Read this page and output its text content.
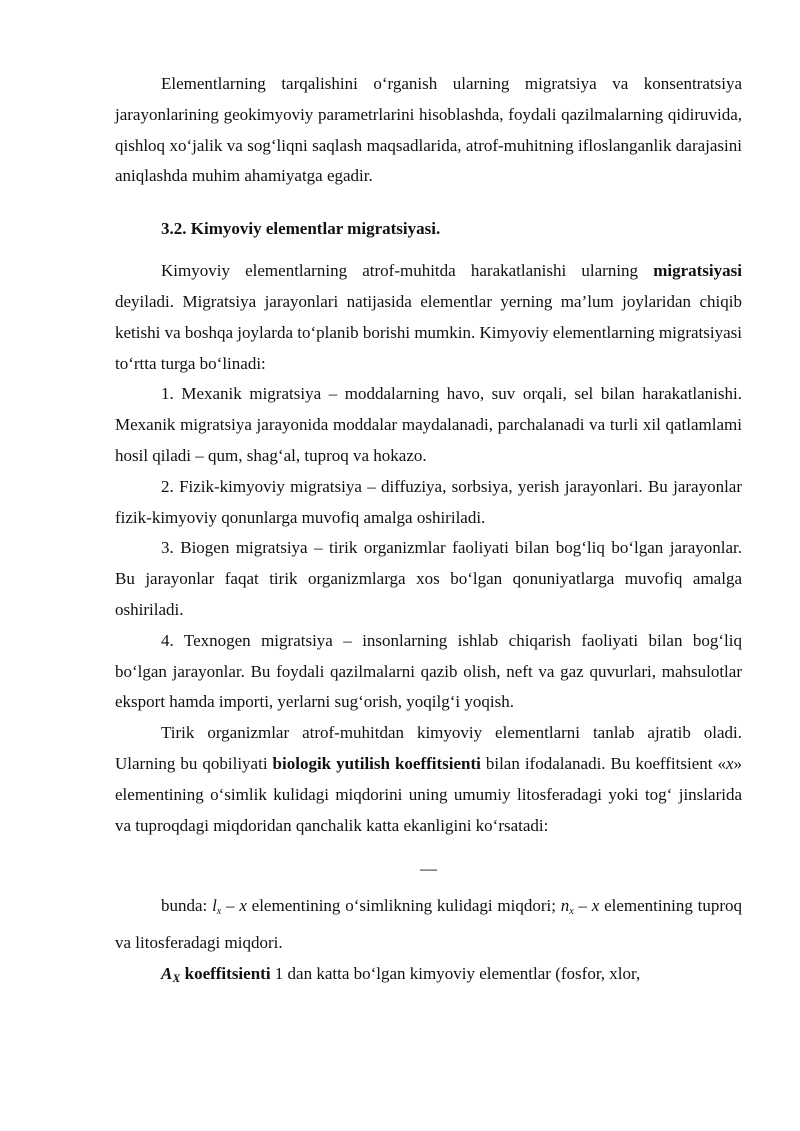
Elementlarning tarqalishini o‘rganish ularning migratsiya va konsentratsiya jarayonlarining geokimyoviy parametrlarini hisoblashda, foydali qazilmalarning qidiruvida, qishloq xo‘jalik va sog‘liqni saqlash maqsadlarida, atrof-muhitning ifloslanganlik darajasini aniqlashda muhim ahamiyatga egadir.

3.2. Kimyoviy elementlar migratsiyasi.

Kimyoviy elementlarning atrof-muhitda harakatlanishi ularning migratsiyasi deyiladi. Migratsiya jarayonlari natijasida elementlar yerning ma’lum joylaridan chiqib ketishi va boshqa joylarda to‘planib borishi mumkin. Kimyoviy elementlarning migratsiyasi to‘rtta turga bo‘linadi:

1. Mexanik migratsiya – moddalarning havo, suv orqali, sel bilan harakatlanishi. Mexanik migratsiya jarayonida moddalar maydalanadi, parchalanadi va turli xil qatlamlami hosil qiladi – qum, shag‘al, tuproq va hokazo.

2. Fizik-kimyoviy migratsiya – diffuziya, sorbsiya, yerish jarayonlari. Bu jarayonlar fizik-kimyoviy qonunlarga muvofiq amalga oshiriladi.

3. Biogen migratsiya – tirik organizmlar faoliyati bilan bog‘liq bo‘lgan jarayonlar. Bu jarayonlar faqat tirik organizmlarga xos bo‘lgan qonuniyatlarga muvofiq amalga oshiriladi.

4. Texnogen migratsiya – insonlarning ishlab chiqarish faoliyati bilan bog‘liq bo‘lgan jarayonlar. Bu foydali qazilmalarni qazib olish, neft va gaz quvurlari, mahsulotlar eksport hamda importi, yerlarni sug‘orish, yoqilg‘i yoqish.

Tirik organizmlar atrof-muhitdan kimyoviy elementlarni tanlab ajratib oladi. Ularning bu qobiliyati biologik yutilish koeffitsienti bilan ifodalanadi. Bu koeffitsient «x» elementining o‘simlik kulidagi miqdorini uning umumiy litosferadagi yoki tog‘ jinslarida va tuproqdagi miqdoridan qanchalik katta ekanligini ko‘rsatadi:

—

bunda: $l_x$ – x elementining o‘simlikning kulidagi miqdori; $n_x$ – x elementining tuproq va litosferadagi miqdori.

AX koeffitsienti 1 dan katta bo‘lgan kimyoviy elementlar (fosfor, xlor,
